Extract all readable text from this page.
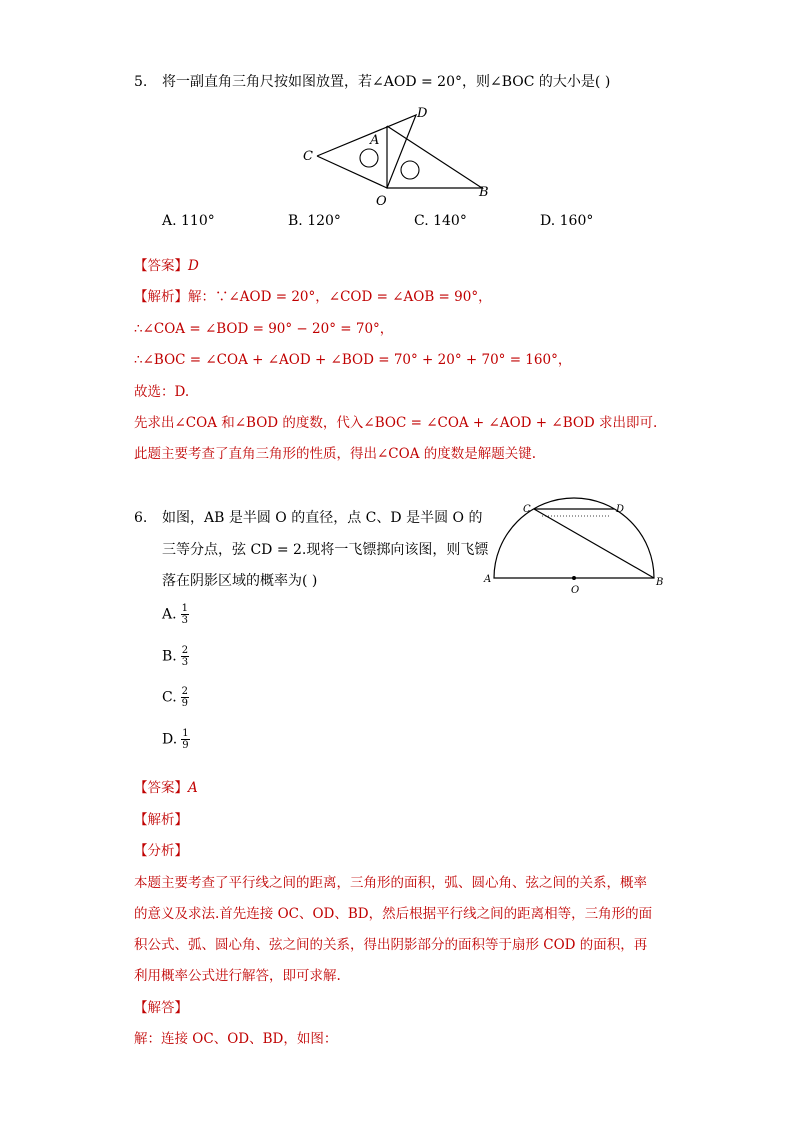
5. 将一副直角三角尺按如图放置，若∠AOD = 20°，则∠BOC 的大小是( )
C
A
D
O
B
A. 110°	B. 120°	C. 140°	D. 160°
【答案】D
【解析】解：∵∠AOD = 20°，∠COD = ∠AOB = 90°，
∴∠COA = ∠BOD = 90° − 20° = 70°，
∴∠BOC = ∠COA + ∠AOD + ∠BOD = 70° + 20° + 70° = 160°，
故选：D.
先求出∠COA 和∠BOD 的度数，代入∠BOC = ∠COA + ∠AOD + ∠BOD 求出即可.
此题主要考查了直角三角形的性质，得出∠COA 的度数是解题关键.
6. 如图，AB 是半圆 O 的直径，点 C、D 是半圆 O 的
三等分点，弦 CD = 2.现将一飞镖掷向该图，则飞镖
落在阴影区域的概率为( )
C	D
A
O
B
A. $\frac{1}{3}$
B. $\frac{2}{3}$
C. $\frac{2}{9}$
D. $\frac{1}{9}$
【答案】A
【解析】
【分析】
本题主要考查了平行线之间的距离，三角形的面积，弧、圆心角、弦之间的关系，概率
的意义及求法.首先连接 OC、OD、BD，然后根据平行线之间的距离相等，三角形的面
积公式、弧、圆心角、弦之间的关系，得出阴影部分的面积等于扇形 COD 的面积，再
利用概率公式进行解答，即可求解.
【解答】
解：连接 OC、OD、BD，如图：
